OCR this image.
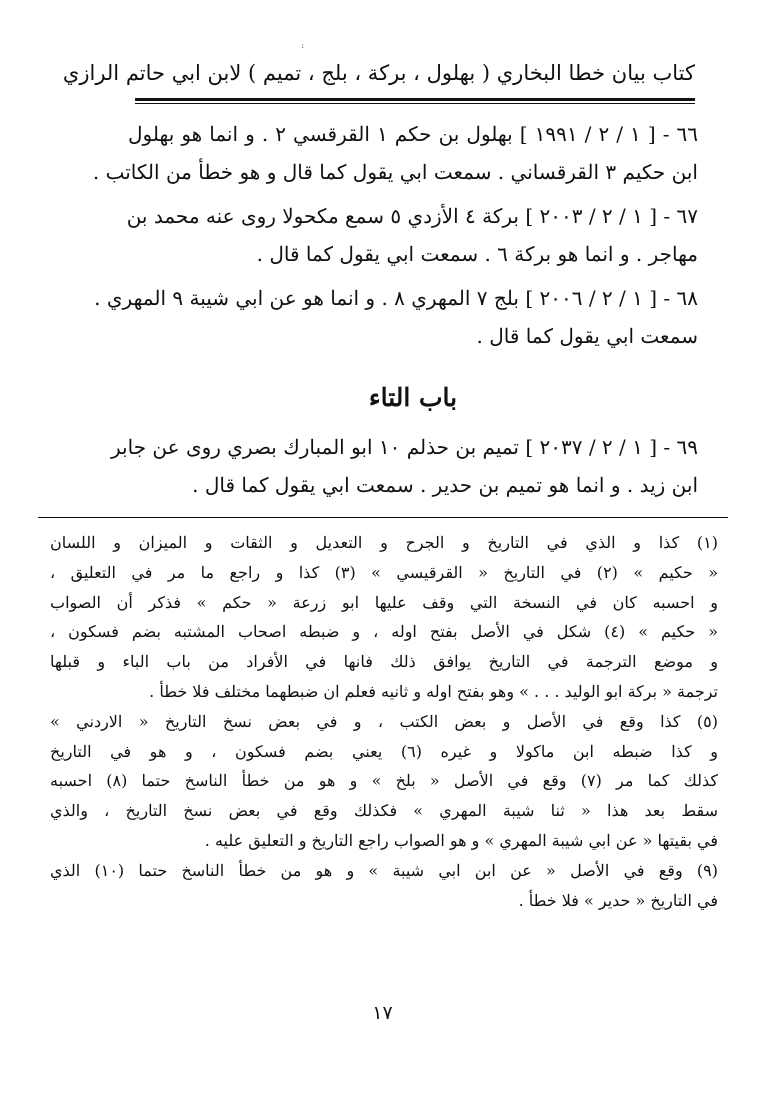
꞉
كتاب بيان خطا البخاري ( بهلول ، بركة ، بلج ، تميم ) لابن ابي حاتم الرازي
٦٦ - [ ١ / ٢ / ١٩٩١ ] بهلول بن حكم ١ القرقسي ٢ . و انما هو بهلول
ابن حكيم ٣ القرقساني . سمعت ابي يقول كما قال و هو خطأ من الكاتب .
٦٧ - [ ١ / ٢ / ٢٠٠٣ ] بركة ٤ الأزدي ٥ سمع مكحولا روى عنه محمد بن
مهاجر . و انما هو بركة ٦ . سمعت ابي يقول كما قال .
٦٨ - [ ١ / ٢ / ٢٠٠٦ ] بلج ٧ المهري ٨ . و انما هو عن ابي شيبة ٩ المهري .
سمعت ابي يقول كما قال .
باب التاء
٦٩ - [ ١ / ٢ / ٢٠٣٧ ] تميم بن حذلم ١٠ ابو المبارك بصري روى عن جابر
ابن زيد . و انما هو تميم بن حدير . سمعت ابي يقول كما قال .
(١) كذا و الذي في التاريخ و الجرح و التعديل و الثقات و الميزان و اللسان
« حكيم » (٢) في التاريخ « القرقيسي » (٣) كذا و راجع ما مر في التعليق ،
و احسبه كان في النسخة التي وقف عليها ابو زرعة « حكم » فذكر أن الصواب
« حكيم » (٤) شكل في الأصل بفتح اوله ، و ضبطه اصحاب المشتبه بضم فسكون ،
و موضع الترجمة في التاريخ يوافق ذلك فانها في الأفراد من باب الباء و قبلها
ترجمة « بركة ابو الوليد . . . » وهو بفتح اوله و ثانيه فعلم ان ضبطهما مختلف فلا خطأ .
(٥) كذا وقع في الأصل و بعض الكتب ، و في بعض نسخ التاريخ « الاردني »
و كذا ضبطه ابن ماكولا و غيره (٦) يعني بضم فسكون ، و هو في التاريخ
كذلك كما مر (٧) وقع في الأصل « بلخ » و هو من خطأ الناسخ حتما (٨) احسبه
سقط بعد هذا « ثنا شيبة المهري » فكذلك وقع في بعض نسخ التاريخ ، والذي
في بقيتها « عن ابي شيبة المهري » و هو الصواب راجع التاريخ و التعليق عليه .
(٩) وقع في الأصل « عن ابن ابي شيبة » و هو من خطأ الناسخ حتما (١٠) الذي
في التاريخ « حدير » فلا خطأ .
١٧
